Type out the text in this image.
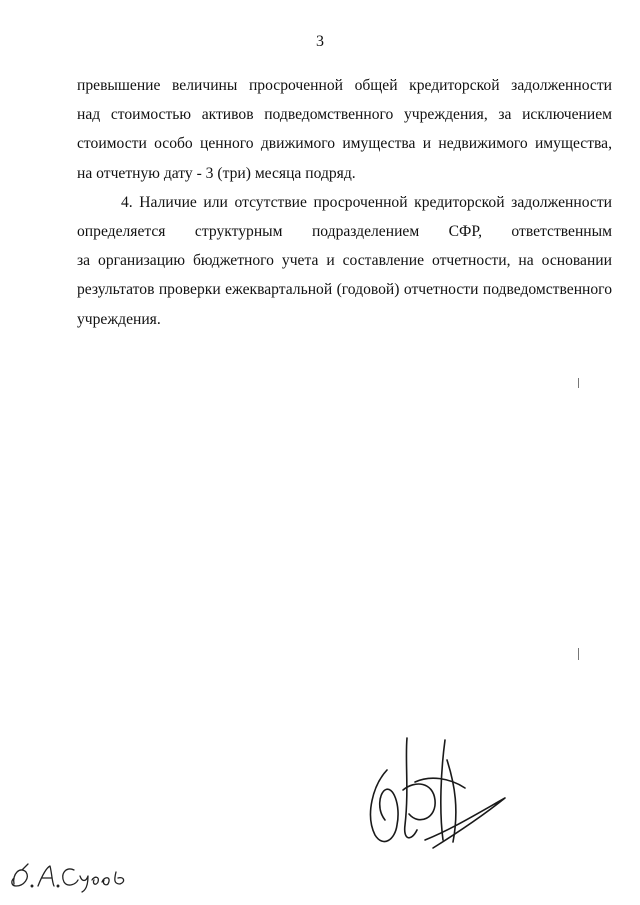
3
превышение величины просроченной общей кредиторской задолженности
над стоимостью активов подведомственного учреждения, за исключением
стоимости особо ценного движимого имущества и недвижимого имущества,
на отчетную дату - 3 (три) месяца подряд.
4. Наличие или отсутствие просроченной кредиторской задолженности
определяется структурным подразделением СФР, ответственным
за организацию бюджетного учета и составление отчетности, на основании
результатов проверки ежеквартальной (годовой) отчетности подведомственного
учреждения.
